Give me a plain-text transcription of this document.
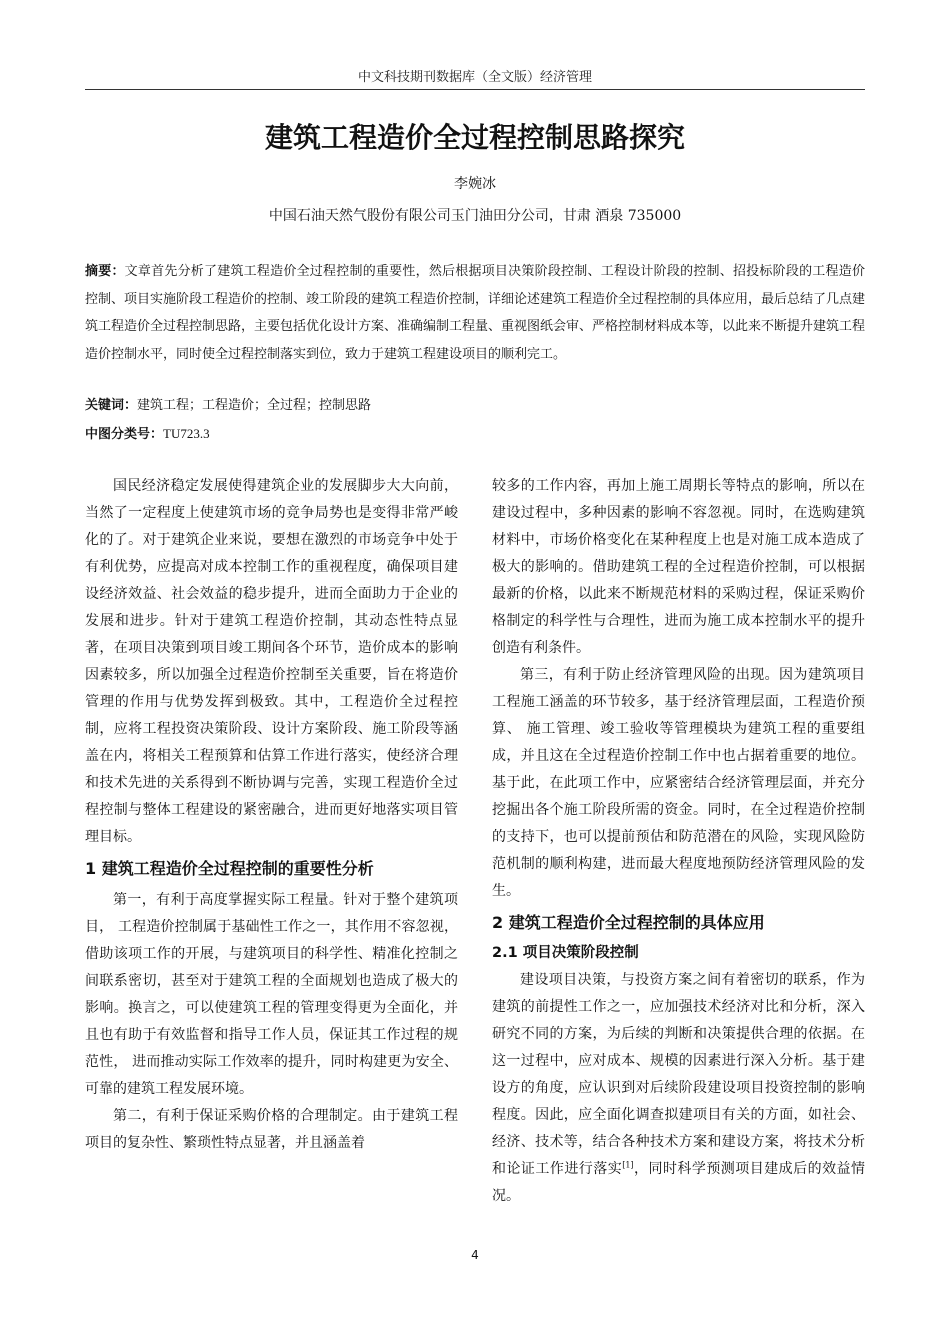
中文科技期刊数据库（全文版）经济管理
建筑工程造价全过程控制思路探究
李婉冰
中国石油天然气股份有限公司玉门油田分公司，甘肃 酒泉 735000
摘要：文章首先分析了建筑工程造价全过程控制的重要性，然后根据项目决策阶段控制、工程设计阶段的控制、招投标阶段的工程造价控制、项目实施阶段工程造价的控制、竣工阶段的建筑工程造价控制，详细论述建筑工程造价全过程控制的具体应用，最后总结了几点建筑工程造价全过程控制思路，主要包括优化设计方案、准确编制工程量、重视图纸会审、严格控制材料成本等，以此来不断提升建筑工程造价控制水平，同时使全过程控制落实到位，致力于建筑工程建设项目的顺利完工。
关键词：建筑工程；工程造价；全过程；控制思路
中图分类号：TU723.3

国民经济稳定发展使得建筑企业的发展脚步大大向前，当然了一定程度上使建筑市场的竞争局势也是变得非常严峻化的了。对于建筑企业来说，要想在激烈的市场竞争中处于有利优势，应提高对成本控制工作的重视程度，确保项目建设经济效益、社会效益的稳步提升，进而全面助力于企业的发展和进步。针对于建筑工程造价控制，其动态性特点显著，在项目决策到项目竣工期间各个环节，造价成本的影响因素较多，所以加强全过程造价控制至关重要，旨在将造价管理的作用与优势发挥到极致。其中，工程造价全过程控制，应将工程投资决策阶段、设计方案阶段、施工阶段等涵盖在内，将相关工程预算和估算工作进行落实，使经济合理和技术先进的关系得到不断协调与完善，实现工程造价全过程控制与整体工程建设的紧密融合，进而更好地落实项目管理目标。

1 建筑工程造价全过程控制的重要性分析

第一，有利于高度掌握实际工程量。针对于整个建筑项目， 工程造价控制属于基础性工作之一，其作用不容忽视，借助该项工作的开展，与建筑项目的科学性、精准化控制之间联系密切，甚至对于建筑工程的全面规划也造成了极大的影响。换言之，可以使建筑工程的管理变得更为全面化，并且也有助于有效监督和指导工作人员，保证其工作过程的规范性， 进而推动实际工作效率的提升，同时构建更为安全、可靠的建筑工程发展环境。

第二，有利于保证采购价格的合理制定。由于建筑工程项目的复杂性、繁琐性特点显著，并且涵盖着

较多的工作内容，再加上施工周期长等特点的影响，所以在建设过程中，多种因素的影响不容忽视。同时，在选购建筑材料中，市场价格变化在某种程度上也是对施工成本造成了极大的影响的。借助建筑工程的全过程造价控制，可以根据最新的价格，以此来不断规范材料的采购过程，保证采购价格制定的科学性与合理性，进而为施工成本控制水平的提升创造有利条件。

第三，有利于防止经济管理风险的出现。因为建筑项目工程施工涵盖的环节较多，基于经济管理层面，工程造价预算、 施工管理、竣工验收等管理模块为建筑工程的重要组成，并且这在全过程造价控制工作中也占据着重要的地位。基于此，在此项工作中，应紧密结合经济管理层面，并充分挖掘出各个施工阶段所需的资金。同时，在全过程造价控制的支持下，也可以提前预估和防范潜在的风险，实现风险防范机制的顺利构建，进而最大程度地预防经济管理风险的发生。

2 建筑工程造价全过程控制的具体应用
2.1 项目决策阶段控制

建设项目决策，与投资方案之间有着密切的联系，作为建筑的前提性工作之一，应加强技术经济对比和分析，深入研究不同的方案，为后续的判断和决策提供合理的依据。在这一过程中，应对成本、规模的因素进行深入分析。基于建设方的角度，应认识到对后续阶段建设项目投资控制的影响程度。因此，应全面化调查拟建项目有关的方面，如社会、经济、技术等，结合各种技术方案和建设方案，将技术分析和论证工作进行落实[1]，同时科学预测项目建成后的效益情况。

4
